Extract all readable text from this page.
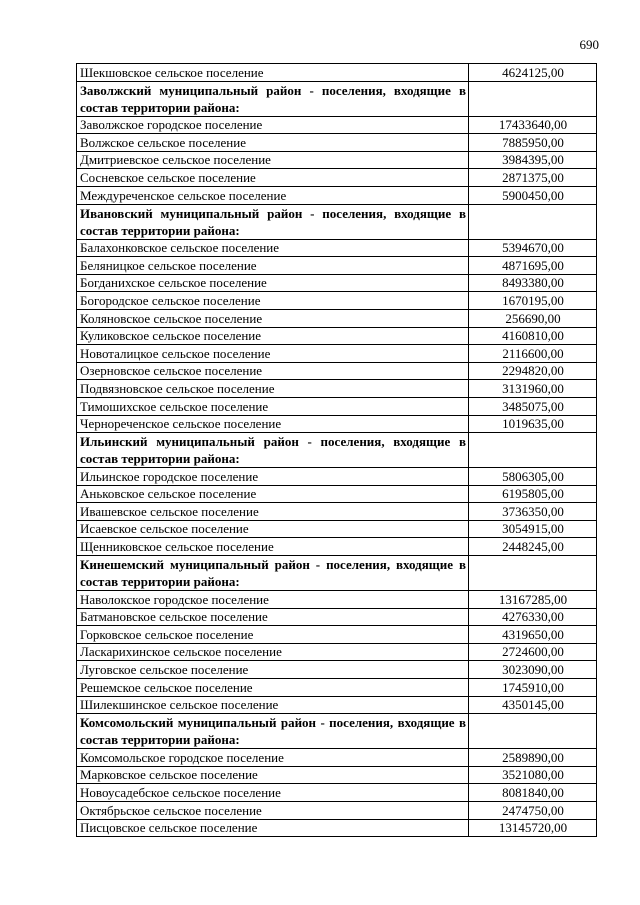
690
Шекшовское сельское поселение	4624125,00
Заволжский муниципальный район - поселения, входящие в состав территории района:	
Заволжское городское поселение	17433640,00
Волжское сельское поселение	7885950,00
Дмитриевское сельское поселение	3984395,00
Сосневское сельское поселение	2871375,00
Междуреченское сельское поселение	5900450,00
Ивановский муниципальный район - поселения, входящие в состав территории района:	
Балахонковское сельское поселение	5394670,00
Беляницкое сельское поселение	4871695,00
Богданихское сельское поселение	8493380,00
Богородское сельское поселение	1670195,00
Коляновское сельское поселение	256690,00
Куликовское сельское поселение	4160810,00
Новоталицкое сельское поселение	2116600,00
Озерновское сельское поселение	2294820,00
Подвязновское сельское поселение	3131960,00
Тимошихское сельское поселение	3485075,00
Чернореченское сельское поселение	1019635,00
Ильинский муниципальный район - поселения, входящие в состав территории района:	
Ильинское городское поселение	5806305,00
Аньковское сельское поселение	6195805,00
Ивашевское сельское поселение	3736350,00
Исаевское сельское поселение	3054915,00
Щенниковское сельское поселение	2448245,00
Кинешемский муниципальный район - поселения, входящие в состав территории района:	
Наволокское городское поселение	13167285,00
Батмановское сельское поселение	4276330,00
Горковское сельское поселение	4319650,00
Ласкарихинское сельское поселение	2724600,00
Луговское сельское поселение	3023090,00
Решемское сельское поселение	1745910,00
Шилекшинское сельское поселение	4350145,00
Комсомольский муниципальный район - поселения, входящие в состав территории района:	
Комсомольское городское поселение	2589890,00
Марковское сельское поселение	3521080,00
Новоусадебское сельское поселение	8081840,00
Октябрьское сельское поселение	2474750,00
Писцовское сельское поселение	13145720,00
